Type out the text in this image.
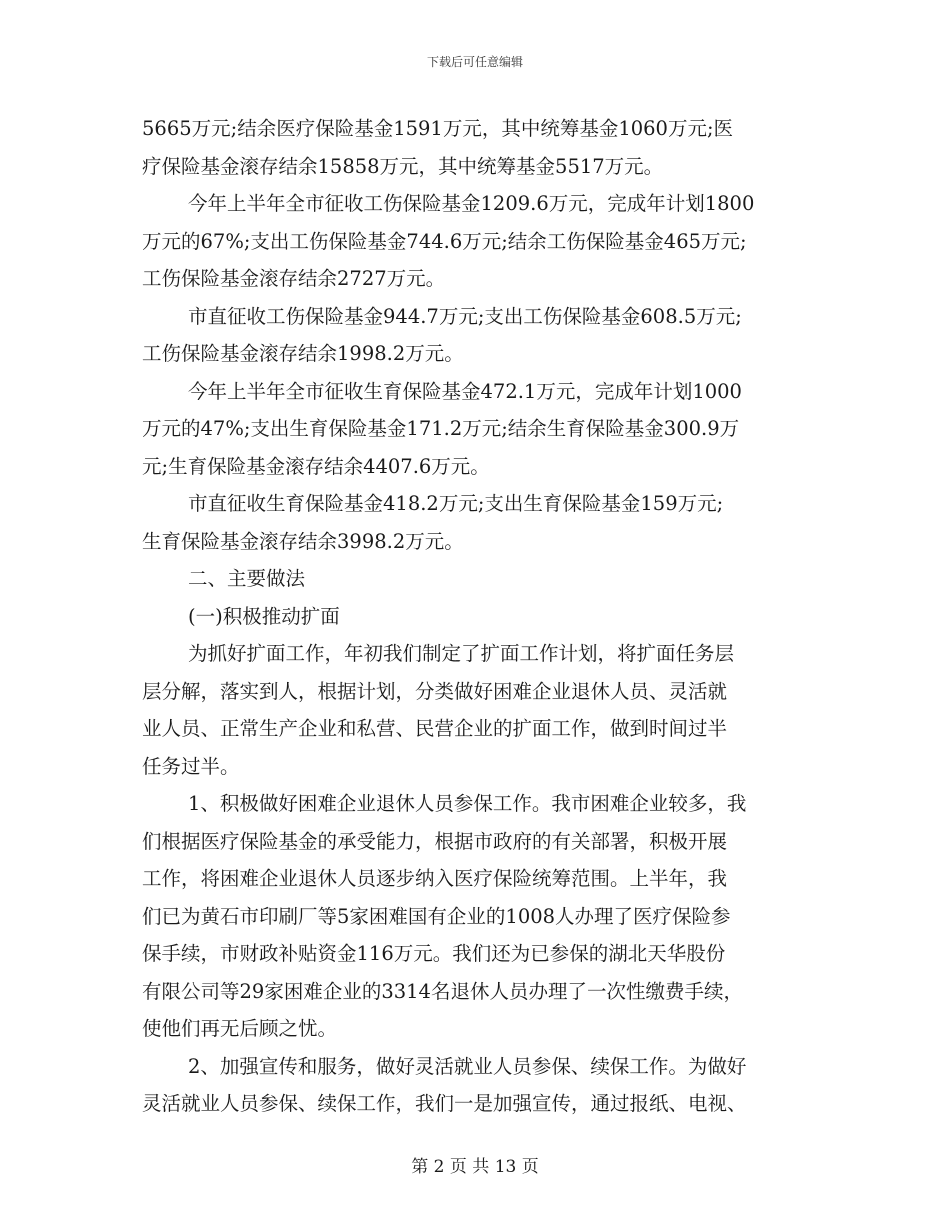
下载后可任意编辑
5665万元;结余医疗保险基金1591万元，其中统筹基金1060万元;医
疗保险基金滚存结余15858万元，其中统筹基金5517万元。
今年上半年全市征收工伤保险基金1209.6万元，完成年计划1800
万元的67%;支出工伤保险基金744.6万元;结余工伤保险基金465万元;
工伤保险基金滚存结余2727万元。
市直征收工伤保险基金944.7万元;支出工伤保险基金608.5万元;
工伤保险基金滚存结余1998.2万元。
今年上半年全市征收生育保险基金472.1万元，完成年计划1000
万元的47%;支出生育保险基金171.2万元;结余生育保险基金300.9万
元;生育保险基金滚存结余4407.6万元。
市直征收生育保险基金418.2万元;支出生育保险基金159万元;
生育保险基金滚存结余3998.2万元。
二、主要做法
(一)积极推动扩面
为抓好扩面工作，年初我们制定了扩面工作计划，将扩面任务层
层分解，落实到人，根据计划，分类做好困难企业退休人员、灵活就
业人员、正常生产企业和私营、民营企业的扩面工作，做到时间过半
任务过半。
1、积极做好困难企业退休人员参保工作。我市困难企业较多，我
们根据医疗保险基金的承受能力，根据市政府的有关部署，积极开展
工作，将困难企业退休人员逐步纳入医疗保险统筹范围。上半年，我
们已为黄石市印刷厂等5家困难国有企业的1008人办理了医疗保险参
保手续，市财政补贴资金116万元。我们还为已参保的湖北天华股份
有限公司等29家困难企业的3314名退休人员办理了一次性缴费手续，
使他们再无后顾之忧。
2、加强宣传和服务，做好灵活就业人员参保、续保工作。为做好
灵活就业人员参保、续保工作，我们一是加强宣传，通过报纸、电视、
第 2 页 共 13 页
